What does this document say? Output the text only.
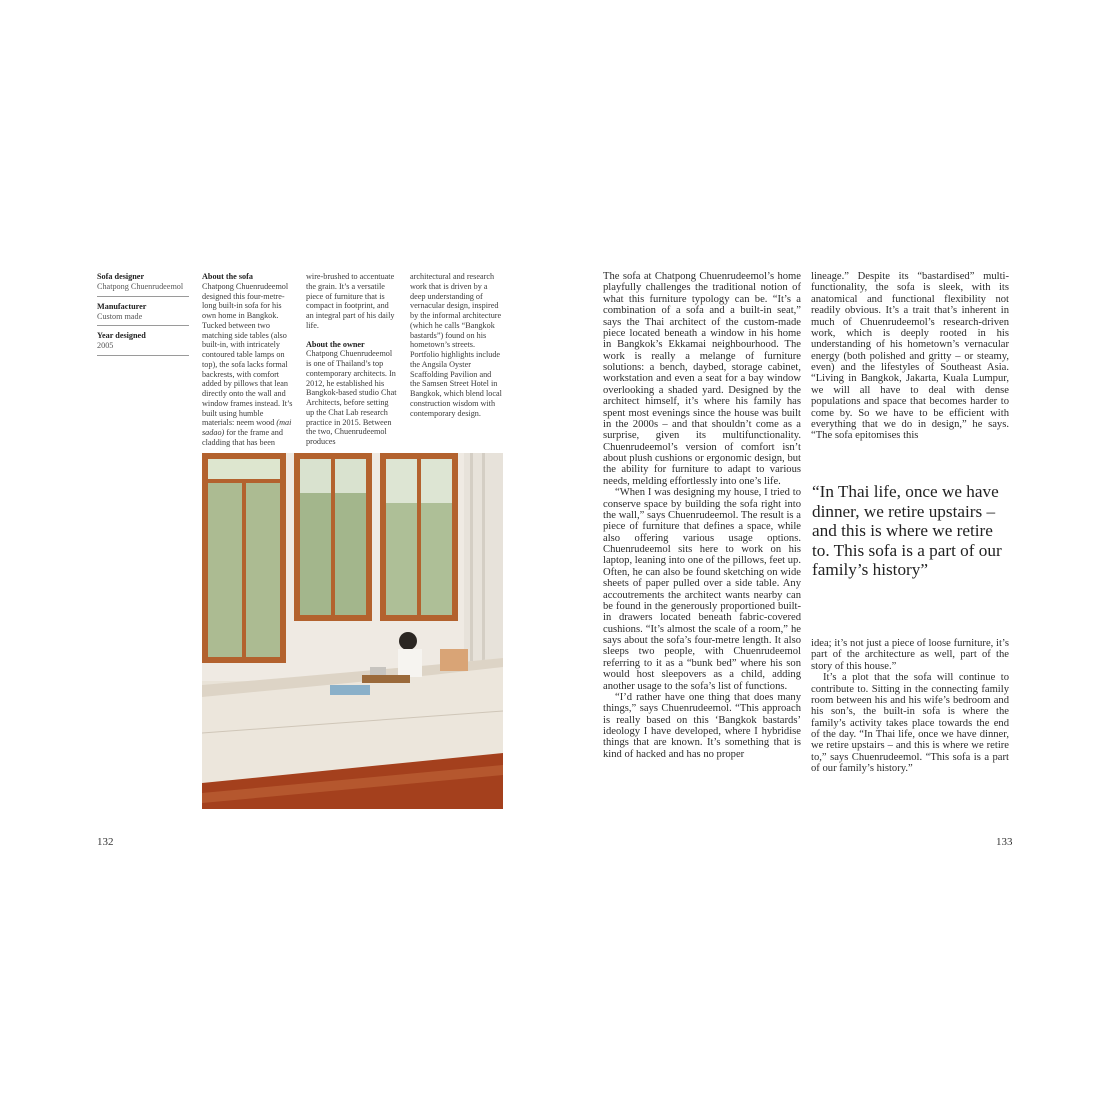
Sofa designer
Chatpong Chuenrudeemol
Manufacturer
Custom made
Year designed
2005

About the sofa

Chatpong Chuenrudeemol designed this four-metre-long built-in sofa for his own home in Bangkok. Tucked between two matching side tables (also built-in, with intricately contoured table lamps on top), the sofa lacks formal backrests, with comfort added by pillows that lean directly onto the wall and window frames instead. It’s built using humble materials: neem wood (mai sadao) for the frame and cladding that has been

wire-brushed to accentuate the grain. It’s a versatile piece of furniture that is compact in footprint, and an integral part of his daily life.

About the owner

Chatpong Chuenrudeemol is one of Thailand’s top contemporary architects. In 2012, he established his Bangkok-based studio Chat Architects, before setting up the Chat Lab research practice in 2015. Between the two, Chuenrudeemol produces

architectural and research work that is driven by a deep understanding of vernacular design, inspired by the informal architecture (which he calls “Bangkok bastards”) found on his hometown’s streets. Portfolio highlights include the Angsila Oyster Scaffolding Pavilion and the Samsen Street Hotel in Bangkok, which blend local construction wisdom with contemporary design.

132

The sofa at Chatpong Chuenrudeemol’s home playfully challenges the traditional notion of what this furniture typology can be. “It’s a combination of a sofa and a built-in seat,” says the Thai architect of the custom-made piece located beneath a window in his home in Bangkok’s Ekkamai neighbourhood. The work is really a melange of furniture solutions: a bench, daybed, storage cabinet, workstation and even a seat for a bay window overlooking a shaded yard. Designed by the architect himself, it’s where his family has spent most evenings since the house was built in the 2000s – and that shouldn’t come as a surprise, given its multifunctionality. Chuenrudeemol’s version of comfort isn’t about plush cushions or ergonomic design, but the ability for furniture to adapt to various needs, melding effortlessly into one’s life.

“When I was designing my house, I tried to conserve space by building the sofa right into the wall,” says Chuenrudeemol. The result is a piece of furniture that defines a space, while also offering various usage options. Chuenrudeemol sits here to work on his laptop, leaning into one of the pillows, feet up. Often, he can also be found sketching on wide sheets of paper pulled over a side table. Any accoutrements the architect wants nearby can be found in the generously proportioned built-in drawers located beneath fabric-covered cushions. “It’s almost the scale of a room,” he says about the sofa’s four-metre length. It also sleeps two people, with Chuenrudeemol referring to it as a “bunk bed” where his son would host sleepovers as a child, adding another usage to the sofa’s list of functions.

“I’d rather have one thing that does many things,” says Chuenrudeemol. “This approach is really based on this ‘Bangkok bastards’ ideology I have developed, where I hybridise things that are known. It’s something that is kind of hacked and has no proper

lineage.” Despite its “bastardised” multi-functionality, the sofa is sleek, with its anatomical and functional flexibility not readily obvious. It’s a trait that’s inherent in much of Chuenrudeemol’s research-driven work, which is deeply rooted in his understanding of his hometown’s vernacular energy (both polished and gritty – or steamy, even) and the lifestyles of Southeast Asia. “Living in Bangkok, Jakarta, Kuala Lumpur, we will all have to deal with dense populations and space that becomes harder to come by. So we have to be efficient with everything that we do in design,” he says. “The sofa epitomises this

“In Thai life, once we have dinner, we retire upstairs – and this is where we retire to. This sofa is a part of our family’s history”

idea; it’s not just a piece of loose furniture, it’s part of the architecture as well, part of the story of this house.”

It’s a plot that the sofa will continue to contribute to. Sitting in the connecting family room between his and his wife’s bedroom and his son’s, the built-in sofa is where the family’s activity takes place towards the end of the day. “In Thai life, once we have dinner, we retire upstairs – and this is where we retire to,” says Chuenrudeemol. “This sofa is a part of our family’s history.”

133
